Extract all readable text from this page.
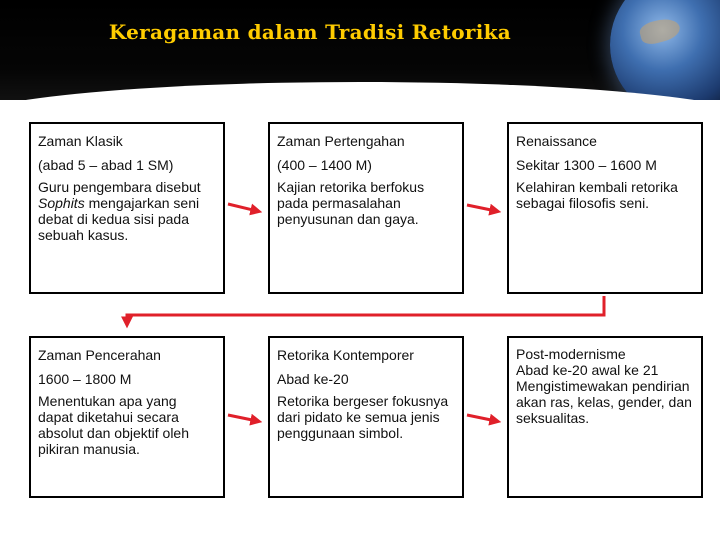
Keragaman dalam Tradisi Retorika
Zaman Klasik
(abad 5 – abad 1 SM)
Guru pengembara disebut Sophits mengajarkan seni debat di kedua sisi pada sebuah kasus.
Zaman Pertengahan
(400 – 1400 M)
Kajian retorika berfokus pada permasalahan penyusunan dan gaya.
Renaissance
Sekitar 1300 – 1600 M
Kelahiran kembali retorika sebagai filosofis seni.
Zaman Pencerahan
1600 – 1800 M
Menentukan apa yang dapat diketahui secara absolut dan objektif oleh pikiran manusia.
Retorika Kontemporer
Abad ke-20
Retorika bergeser fokusnya dari pidato ke semua jenis penggunaan simbol.
Post-modernisme
Abad ke-20 awal ke 21
Mengistimewakan pendirian akan ras, kelas, gender, dan seksualitas.
